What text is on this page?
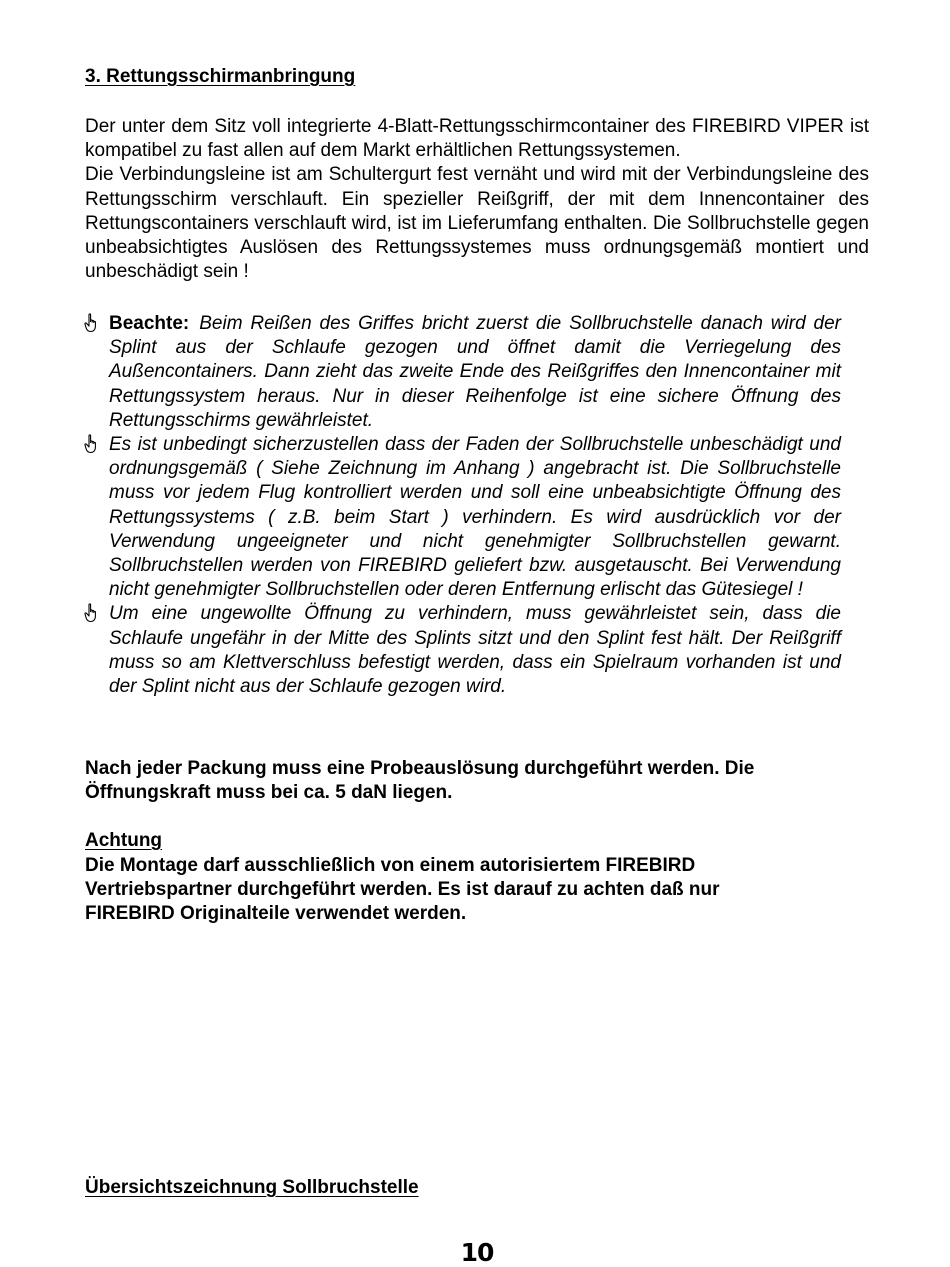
3. Rettungsschirmanbringung

Der unter dem Sitz voll integrierte 4-Blatt-Rettungsschirmcontainer des FIREBIRD VIPER ist kompatibel zu fast allen auf dem Markt erhältlichen Rettungssystemen.

Die Verbindungsleine ist am Schultergurt fest vernäht und wird mit der Verbindungsleine des Rettungsschirm verschlauft. Ein spezieller Reißgriff, der mit dem Innencontainer des Rettungscontainers verschlauft wird, ist im Lieferumfang enthalten. Die Sollbruchstelle gegen unbeabsichtigtes Auslösen des Rettungssystemes muss ordnungsgemäß montiert und unbeschädigt sein !

Beachte: Beim Reißen des Griffes bricht zuerst die Sollbruchstelle danach wird der Splint aus der Schlaufe gezogen und öffnet damit die Verriegelung des Außencontainers. Dann zieht das zweite Ende des Reißgriffes den Innencontainer mit Rettungssystem heraus. Nur in dieser Reihenfolge ist eine sichere Öffnung des Rettungsschirms gewährleistet.
Es ist unbedingt sicherzustellen dass der Faden der Sollbruchstelle unbeschädigt und ordnungsgemäß ( Siehe Zeichnung im Anhang ) angebracht ist. Die Sollbruchstelle muss vor jedem Flug kontrolliert werden und soll eine unbeabsichtigte Öffnung des Rettungssystems ( z.B. beim Start ) verhindern. Es wird ausdrücklich vor der Verwendung ungeeigneter und nicht genehmigter Sollbruchstellen gewarnt. Sollbruchstellen werden von FIREBIRD geliefert bzw. ausgetauscht. Bei Verwendung nicht genehmigter Sollbruchstellen oder deren Entfernung erlischt das Gütesiegel !
Um eine ungewollte Öffnung zu verhindern, muss gewährleistet sein, dass die Schlaufe ungefähr in der Mitte des Splints sitzt und den Splint fest hält. Der Reißgriff muss so am Klettverschluss befestigt werden, dass ein Spielraum vorhanden ist und der Splint nicht aus der Schlaufe gezogen wird.

Nach jeder Packung muss eine Probeauslösung durchgeführt werden. Die Öffnungskraft muss bei ca. 5 daN liegen.

Achtung

Die Montage darf ausschließlich von einem autorisiertem FIREBIRD Vertriebspartner durchgeführt werden. Es ist darauf zu achten daß nur FIREBIRD Originalteile verwendet werden.

Übersichtszeichnung Sollbruchstelle

10
